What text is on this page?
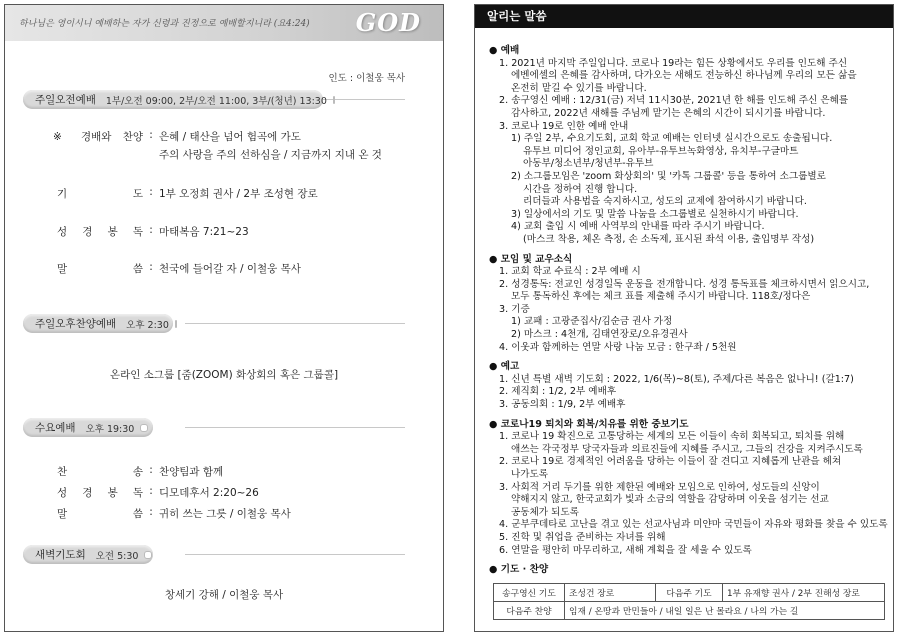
하나님은 영이시니 예배하는 자가 신령과 진정으로 예배할지니라 (요4:24) GOD
인도 : 이철웅 목사
주일오전예배 1부/오전 09:00, 2부/오전 11:00, 3부/(청년) 13:30
※ 경배와 찬양 : 은혜 / 태산을 넘어 험곡에 가도
주의 사랑을 주의 선하심을 / 지금까지 지내 온 것
기 도 : 1부 오정희 권사 / 2부 조성현 장로
성 경 봉 독 : 마태복음 7:21~23
말 씀 : 천국에 들어갈 자 / 이철웅 목사
주일오후찬양예배 오후 2:30
온라인 소그룹 [줌(ZOOM) 화상회의 혹은 그룹콜]
수요예배 오후 19:30
찬 송 : 찬양팀과 함께
성 경 봉 독 : 디모데후서 2:20~26
말 씀 : 귀히 쓰는 그릇 / 이철웅 목사
새벽기도회 오전 5:30
창세기 강해 / 이철웅 목사
알리는 말씀
● 예배
1. 2021년 마지막 주일입니다. 코로나 19라는 힘든 상황에서도 우리를 인도해 주신
에벤에셀의 은혜를 감사하며, 다가오는 새해도 전능하신 하나님께 우리의 모든 삶을
온전히 맡길 수 있기를 바랍니다.
2. 송구영신 예배 : 12/31(금) 저녁 11시30분, 2021년 한 해를 인도해 주신 은혜를
감사하고, 2022년 새해를 주님께 맡기는 은혜의 시간이 되시기를 바랍니다.
3. 코로나 19로 인한 예배 안내
1) 주일 2부, 수요기도회, 교회 학교 예배는 인터넷 실시간으로도 송출됩니다.
유투브 미디어 정인교회, 유아부-유투브녹화영상, 유치부-구글마트
아동부/청소년부/청년부-유투브
2) 소그룹모임은 'zoom 화상회의' 및 '카톡 그룹콜' 등을 통하여 소그룹별로
시간을 정하여 진행 합니다.
리더들과 사용법을 숙지하시고, 성도의 교제에 참여하시기 바랍니다.
3) 일상에서의 기도 및 말씀 나눔을 소그룹별로 실천하시기 바랍니다.
4) 교회 출입 시 예배 사역부의 안내를 따라 주시기 바랍니다.
(마스크 착용, 체온 측정, 손 소독제, 표시된 좌석 이용, 출입명부 작성)
● 모임 및 교우소식
1. 교회 학교 수료식 : 2부 예배 시
2. 성경통독: 전교인 성경일독 운동을 전개합니다. 성경 통독표를 체크하시면서 읽으시고,
모두 통독하신 후에는 체크 표를 제출해 주시기 바랍니다. 118호/정다은
3. 기증
1) 교패 : 고광준집사/김순금 권사 가정
2) 마스크 : 4천개, 김태연장로/오유경권사
4. 이웃과 함께하는 연말 사랑 나눔 모금 : 한구좌 / 5천원
● 예고
1. 신년 특별 새벽 기도회 : 2022, 1/6(목)~8(토), 주제/다른 복음은 없나니! (갈1:7)
2. 제직회 : 1/2, 2부 예배후
3. 공동의회 : 1/9, 2부 예배후
● 코로나19 퇴치와 회복/치유를 위한 중보기도
1. 코로나 19 확진으로 고통당하는 세계의 모든 이들이 속히 회복되고, 퇴치를 위해
애쓰는 각국정부 당국자들과 의료진들에 지혜를 주시고, 그들의 건강을 지켜주시도록
2. 코로나 19로 경제적인 어려움을 당하는 이들이 잘 견디고 지혜롭게 난관을 헤쳐
나가도록
3. 사회적 거리 두기를 위한 제한된 예배와 모임으로 인하여, 성도들의 신앙이
약해지지 않고, 한국교회가 빛과 소금의 역할을 감당하며 이웃을 섬기는 선교
공동체가 되도록
4. 군부쿠데타로 고난을 겪고 있는 선교사님과 미얀마 국민들이 자유와 평화를 찾을 수 있도록
5. 진학 및 취업을 준비하는 자녀를 위해
6. 연말을 평안히 마무리하고, 새해 계획을 잘 세울 수 있도록
● 기도 · 찬양
송구영신 기도	조성건 장로	다음주 기도	1부 유재향 권사 / 2부 진해성 장로
다음주 찬양	임재 / 온땅과 만민들아 / 내일 일은 난 몰라요 / 나의 가는 길		
